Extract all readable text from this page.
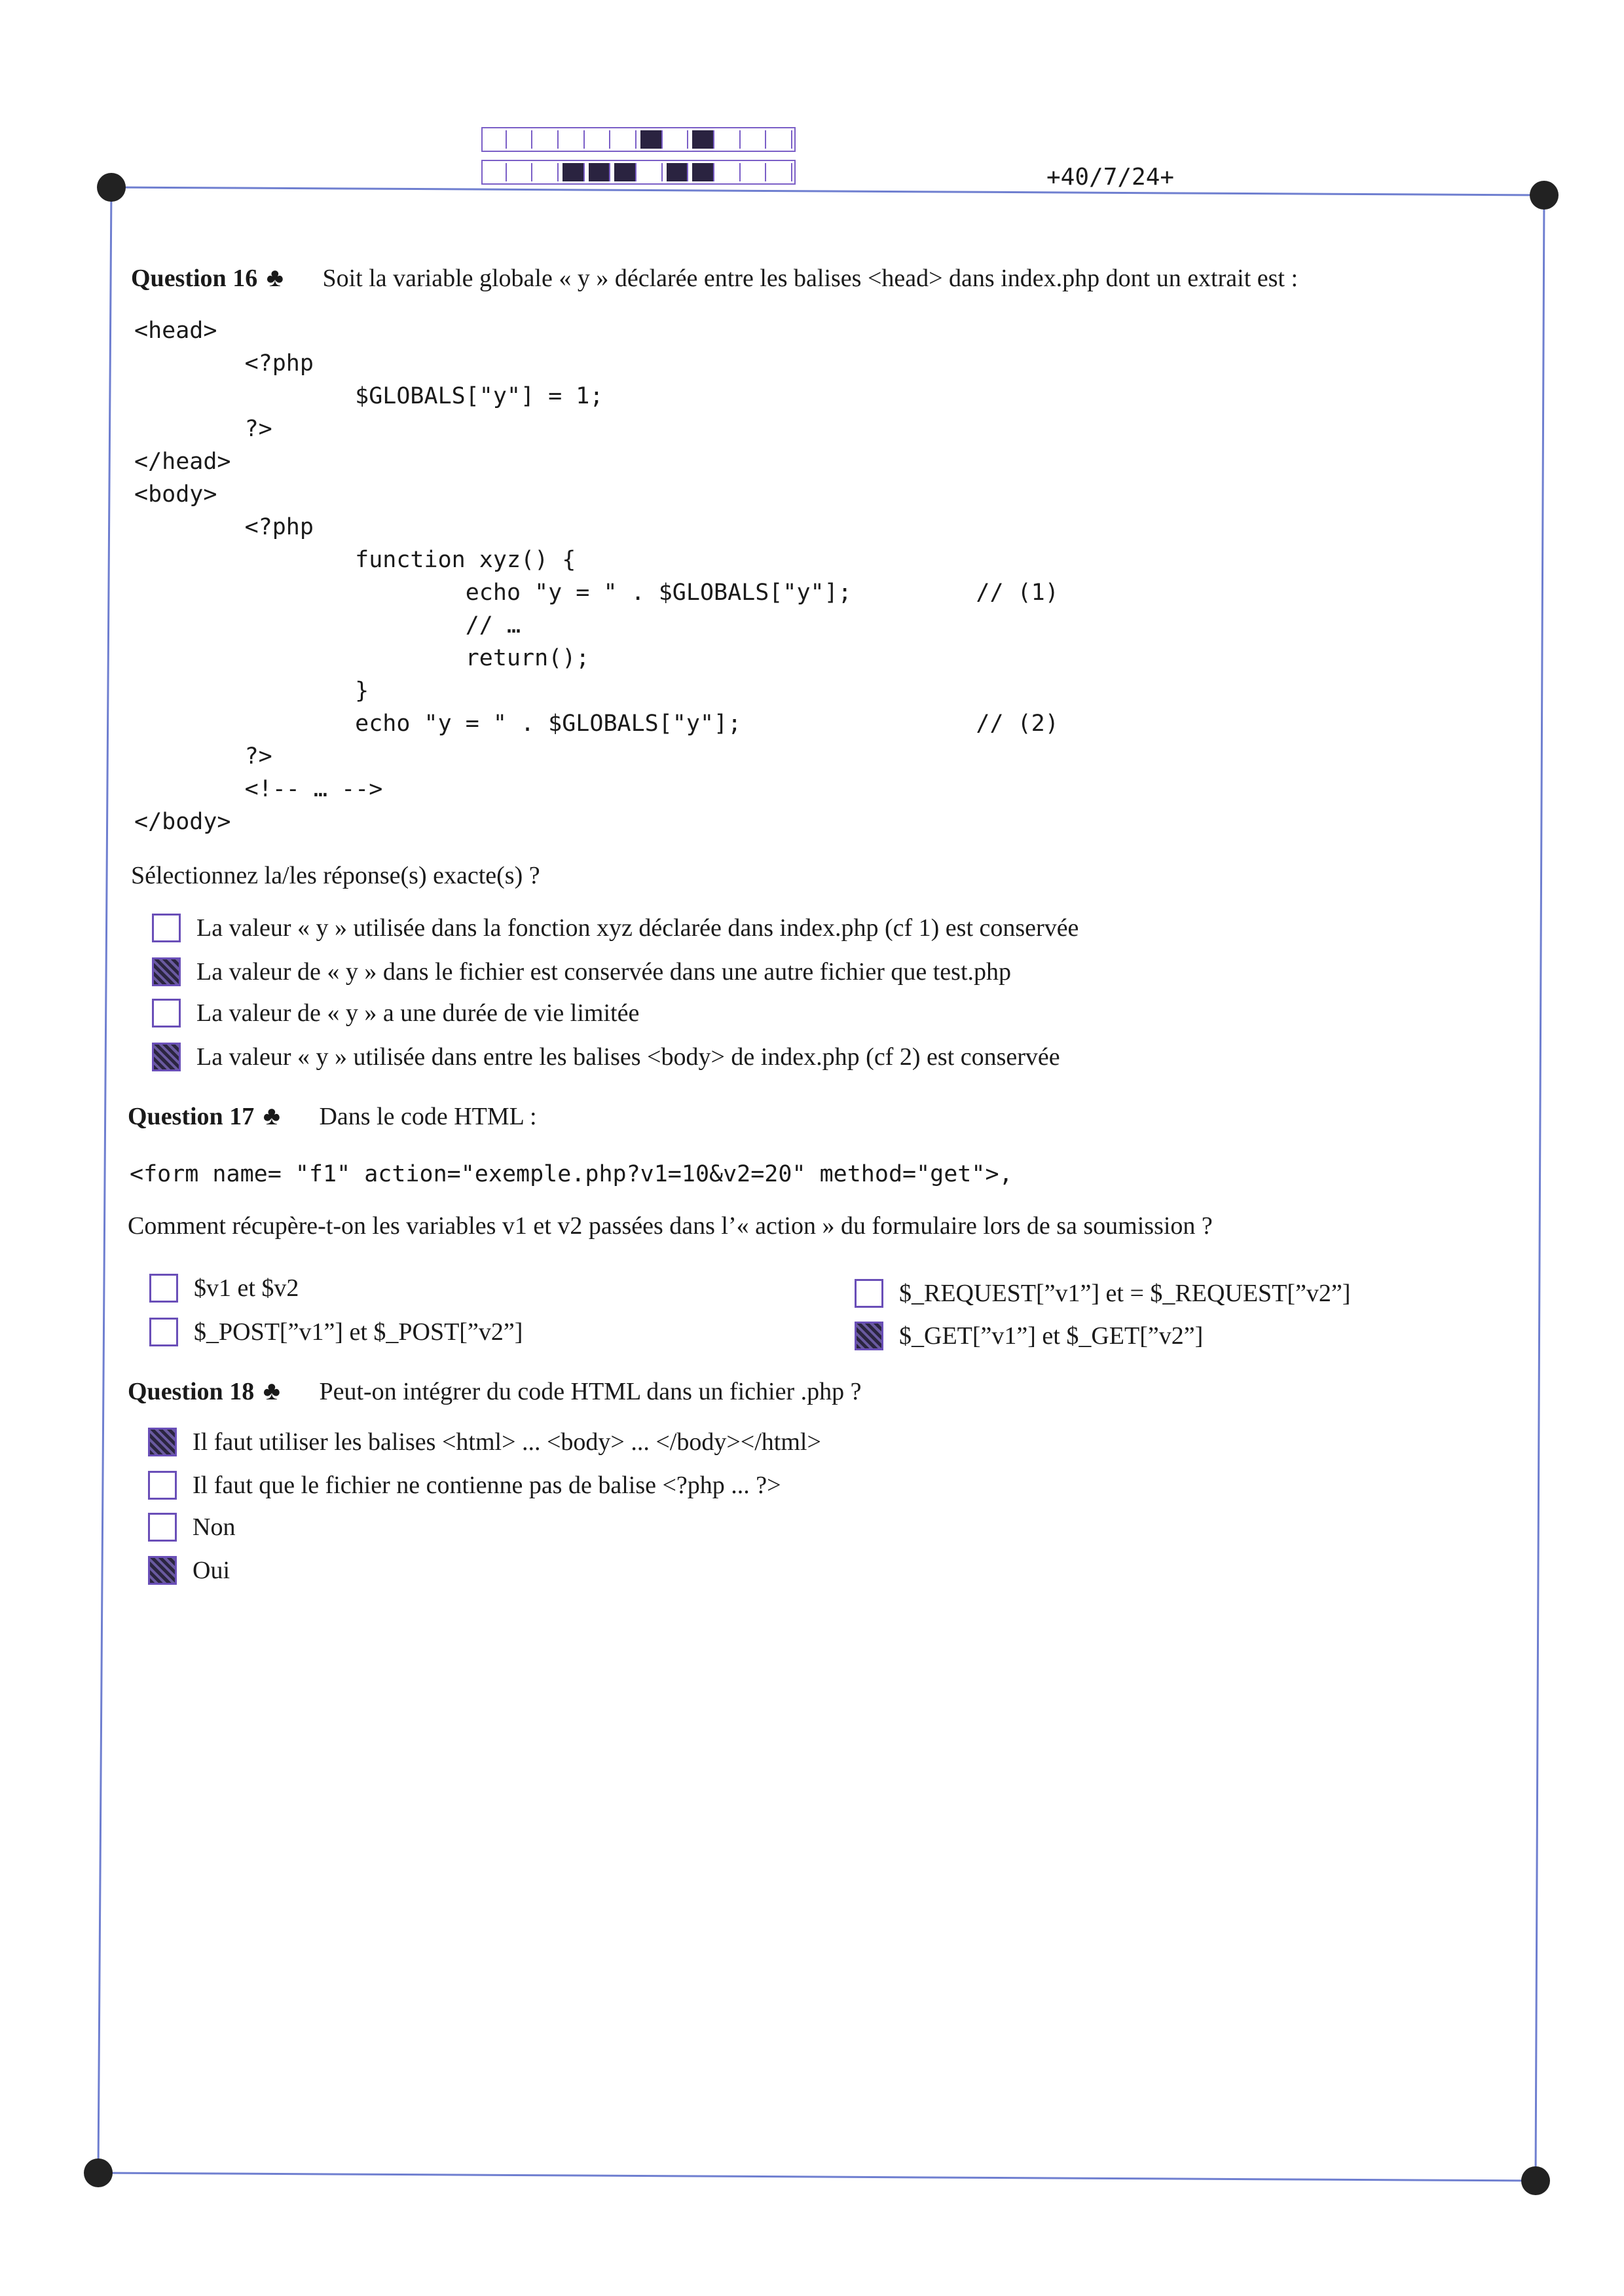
+40/7/24+
Question 16 ♣ Soit la variable globale « y » déclarée entre les balises <head> dans index.php dont un extrait est :
<head>
<?php
$GLOBALS["y"] = 1;
?>
</head>
<body>
<?php
function xyz() {
echo "y = " . $GLOBALS["y"];         // (1)
// …
return();
}
echo "y = " . $GLOBALS["y"];                 // (2)
?>
<!-- … -->
</body>
Sélectionnez la/les réponse(s) exacte(s) ?
La valeur « y » utilisée dans la fonction xyz déclarée dans index.php (cf 1) est conservée
La valeur de « y » dans le fichier est conservée dans une autre fichier que test.php
La valeur de « y » a une durée de vie limitée
La valeur « y » utilisée dans entre les balises <body> de index.php (cf 2) est conservée
Question 17 ♣ Dans le code HTML :
<form name= "f1" action="exemple.php?v1=10&v2=20" method="get">,
Comment récupère-t-on les variables v1 et v2 passées dans l’« action » du formulaire lors de sa soumission ?
$v1 et $v2
$_POST[”v1”] et $_POST[”v2”]
$_REQUEST[”v1”] et = $_REQUEST[”v2”]
$_GET[”v1”] et $_GET[”v2”]
Question 18 ♣ Peut-on intégrer du code HTML dans un fichier .php ?
Il faut utiliser les balises <html> ... <body> ... </body></html>
Il faut que le fichier ne contienne pas de balise <?php ... ?>
Non
Oui
